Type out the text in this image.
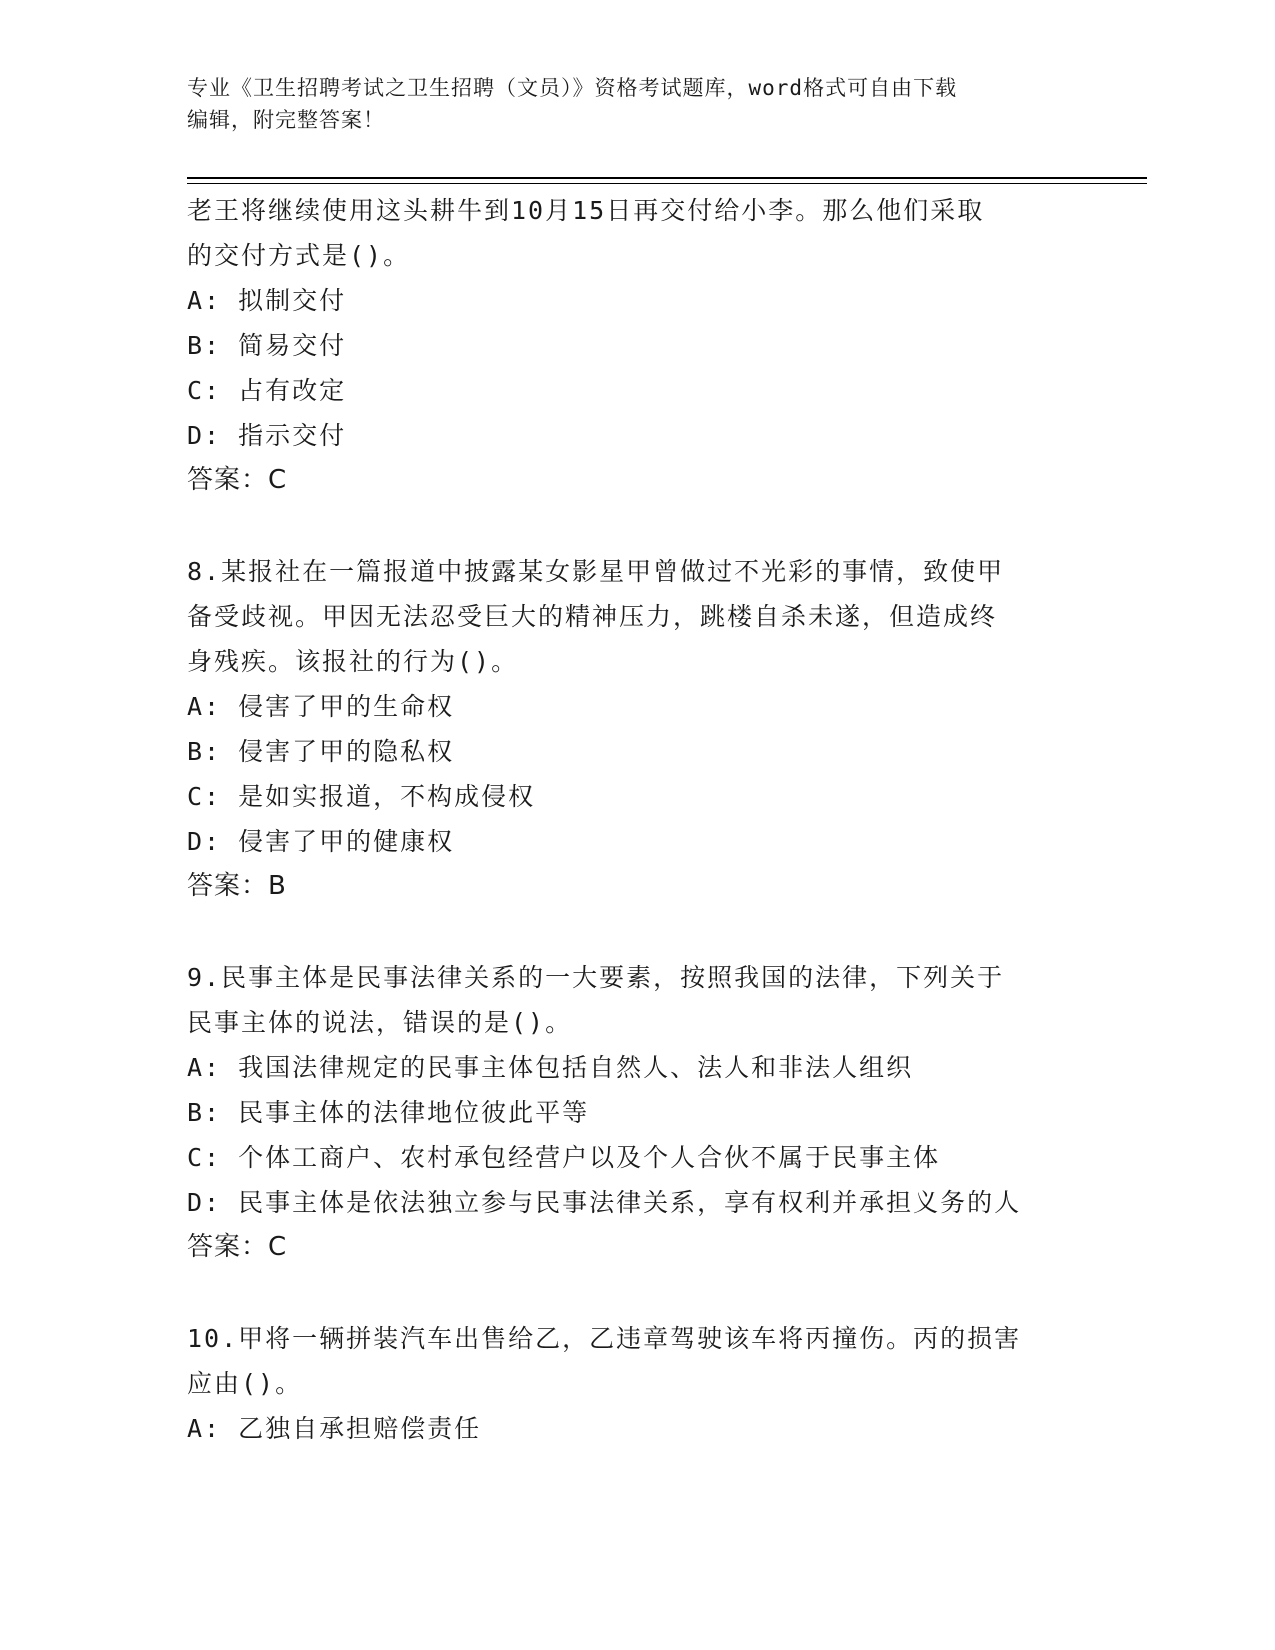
专业《卫生招聘考试之卫生招聘（文员）》资格考试题库，word格式可自由下载
编辑，附完整答案！

老王将继续使用这头耕牛到10月15日再交付给小李。那么他们采取

的交付方式是()。

A: 拟制交付

B: 简易交付

C: 占有改定

D: 指示交付

答案：C

8.某报社在一篇报道中披露某女影星甲曾做过不光彩的事情，致使甲

备受歧视。甲因无法忍受巨大的精神压力，跳楼自杀未遂，但造成终

身残疾。该报社的行为()。

A: 侵害了甲的生命权

B: 侵害了甲的隐私权

C: 是如实报道，不构成侵权

D: 侵害了甲的健康权

答案：B

9.民事主体是民事法律关系的一大要素，按照我国的法律，下列关于

民事主体的说法，错误的是()。

A: 我国法律规定的民事主体包括自然人、法人和非法人组织

B: 民事主体的法律地位彼此平等

C: 个体工商户、农村承包经营户以及个人合伙不属于民事主体

D: 民事主体是依法独立参与民事法律关系，享有权利并承担义务的人

答案：C

10.甲将一辆拼装汽车出售给乙，乙违章驾驶该车将丙撞伤。丙的损害

应由()。

A: 乙独自承担赔偿责任
